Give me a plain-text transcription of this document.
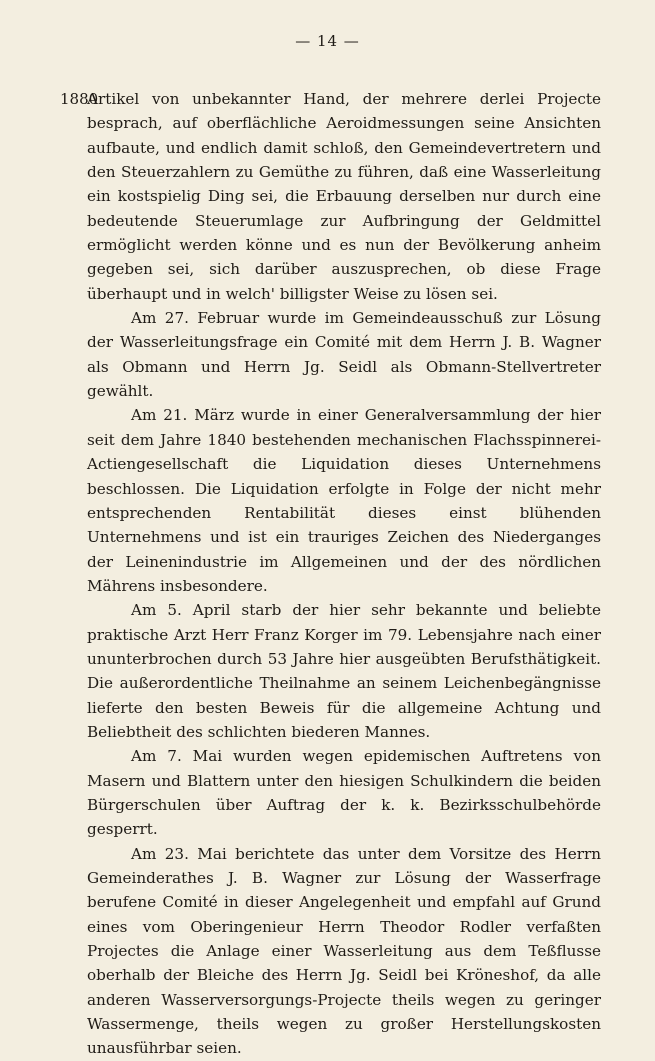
— 14 —
1880

Artikel von unbekannter Hand, der mehrere derlei Projecte besprach, auf oberflächliche Aeroidmessungen seine Ansichten aufbaute, und endlich damit schloß, den Gemeindevertretern und den Steuerzahlern zu Gemüthe zu führen, daß eine Wasserleitung ein kostspielig Ding sei, die Erbauung derselben nur durch eine bedeutende Steuerumlage zur Aufbringung der Geldmittel ermöglicht werden könne und es nun der Bevölkerung anheim gegeben sei, sich darüber auszusprechen, ob diese Frage überhaupt und in welch' billigster Weise zu lösen sei.

Am 27. Februar wurde im Gemeindeausschuß zur Lösung der Wasserleitungsfrage ein Comité mit dem Herrn J. B. Wagner als Obmann und Herrn Jg. Seidl als Obmann-Stellvertreter gewählt.

Am 21. März wurde in einer Generalversammlung der hier seit dem Jahre 1840 bestehenden mechanischen Flachsspinnerei-Actiengesellschaft die Liquidation dieses Unternehmens beschlossen. Die Liquidation erfolgte in Folge der nicht mehr entsprechenden Rentabilität dieses einst blühenden Unternehmens und ist ein trauriges Zeichen des Niederganges der Leinenindustrie im Allgemeinen und der des nördlichen Mährens insbesondere.

Am 5. April starb der hier sehr bekannte und beliebte praktische Arzt Herr Franz Korger im 79. Lebensjahre nach einer ununterbrochen durch 53 Jahre hier ausgeübten Berufsthätigkeit. Die außerordentliche Theilnahme an seinem Leichenbegängnisse lieferte den besten Beweis für die allgemeine Achtung und Beliebtheit des schlichten biederen Mannes.

Am 7. Mai wurden wegen epidemischen Auftretens von Masern und Blattern unter den hiesigen Schulkindern die beiden Bürgerschulen über Auftrag der k. k. Bezirksschulbehörde gesperrt.

Am 23. Mai berichtete das unter dem Vorsitze des Herrn Gemeinderathes J. B. Wagner zur Lösung der Wasserfrage berufene Comité in dieser Angelegenheit und empfahl auf Grund eines vom Oberingenieur Herrn Theodor Rodler verfaßten Projectes die Anlage einer Wasserleitung aus dem Teßflusse oberhalb der Bleiche des Herrn Jg. Seidl bei Kröneshof, da alle anderen Wasserversorgungs-Projecte theils wegen zu geringer Wassermenge, theils wegen zu großer Herstellungskosten unausführbar seien.
